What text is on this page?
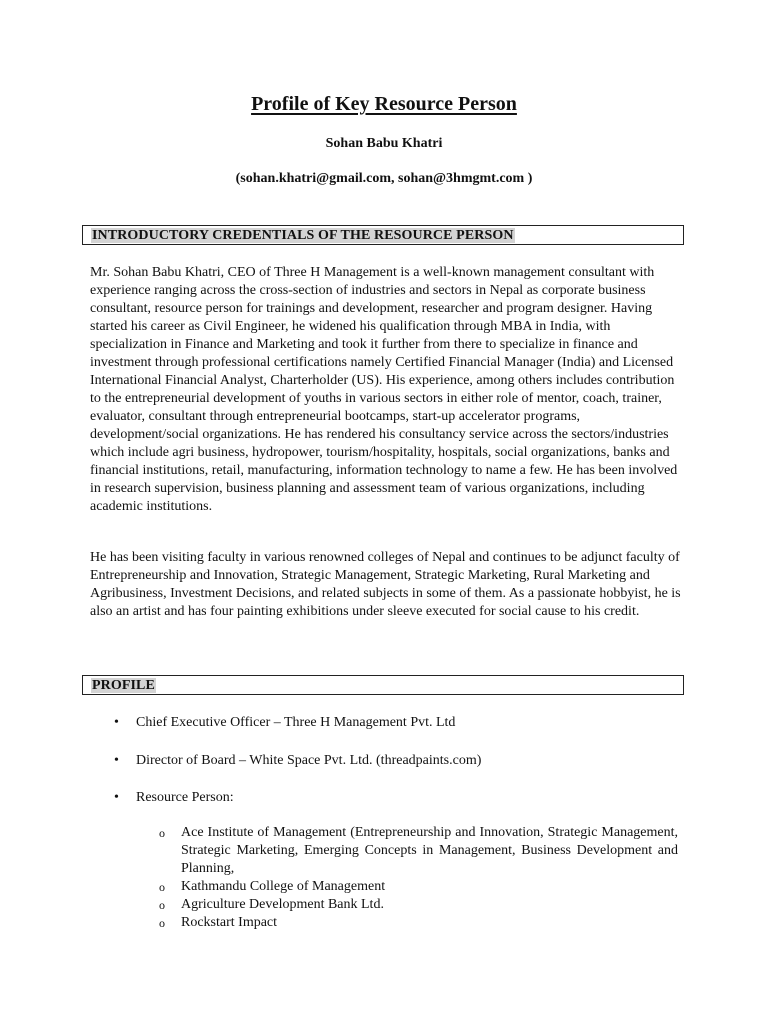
Profile of Key Resource Person
Sohan Babu Khatri
(sohan.khatri@gmail.com, sohan@3hmgmt.com )
INTRODUCTORY CREDENTIALS OF THE RESOURCE PERSON

Mr. Sohan Babu Khatri, CEO of Three H Management is a well-known management consultant with experience ranging across the cross-section of industries and sectors in Nepal as corporate business consultant, resource person for trainings and development, researcher and program designer. Having started his career as Civil Engineer, he widened his qualification through MBA in India, with specialization in Finance and Marketing and took it further from there to specialize in finance and investment through professional certifications namely Certified Financial Manager (India) and Licensed International Financial Analyst, Charterholder (US). His experience, among others includes contribution to the entrepreneurial development of youths in various sectors in either role of mentor, coach, trainer, evaluator, consultant through entrepreneurial bootcamps, start-up accelerator programs, development/social organizations. He has rendered his consultancy service across the sectors/industries which include agri business, hydropower, tourism/hospitality, hospitals, social organizations, banks and financial institutions, retail, manufacturing, information technology to name a few. He has been involved in research supervision, business planning and assessment team of various organizations, including academic institutions.

He has been visiting faculty in various renowned colleges of Nepal and continues to be adjunct faculty of Entrepreneurship and Innovation, Strategic Management, Strategic Marketing, Rural Marketing and Agribusiness, Investment Decisions, and related subjects in some of them. As a passionate hobbyist, he is also an artist and has four painting exhibitions under sleeve executed for social cause to his credit.

PROFILE
• Chief Executive Officer – Three H Management Pvt. Ltd
• Director of Board – White Space Pvt. Ltd. (threadpaints.com)
• Resource Person:
o Ace Institute of Management (Entrepreneurship and Innovation, Strategic Management, Strategic Marketing, Emerging Concepts in Management, Business Development and Planning,
o Kathmandu College of Management
o Agriculture Development Bank Ltd.
o Rockstart Impact
